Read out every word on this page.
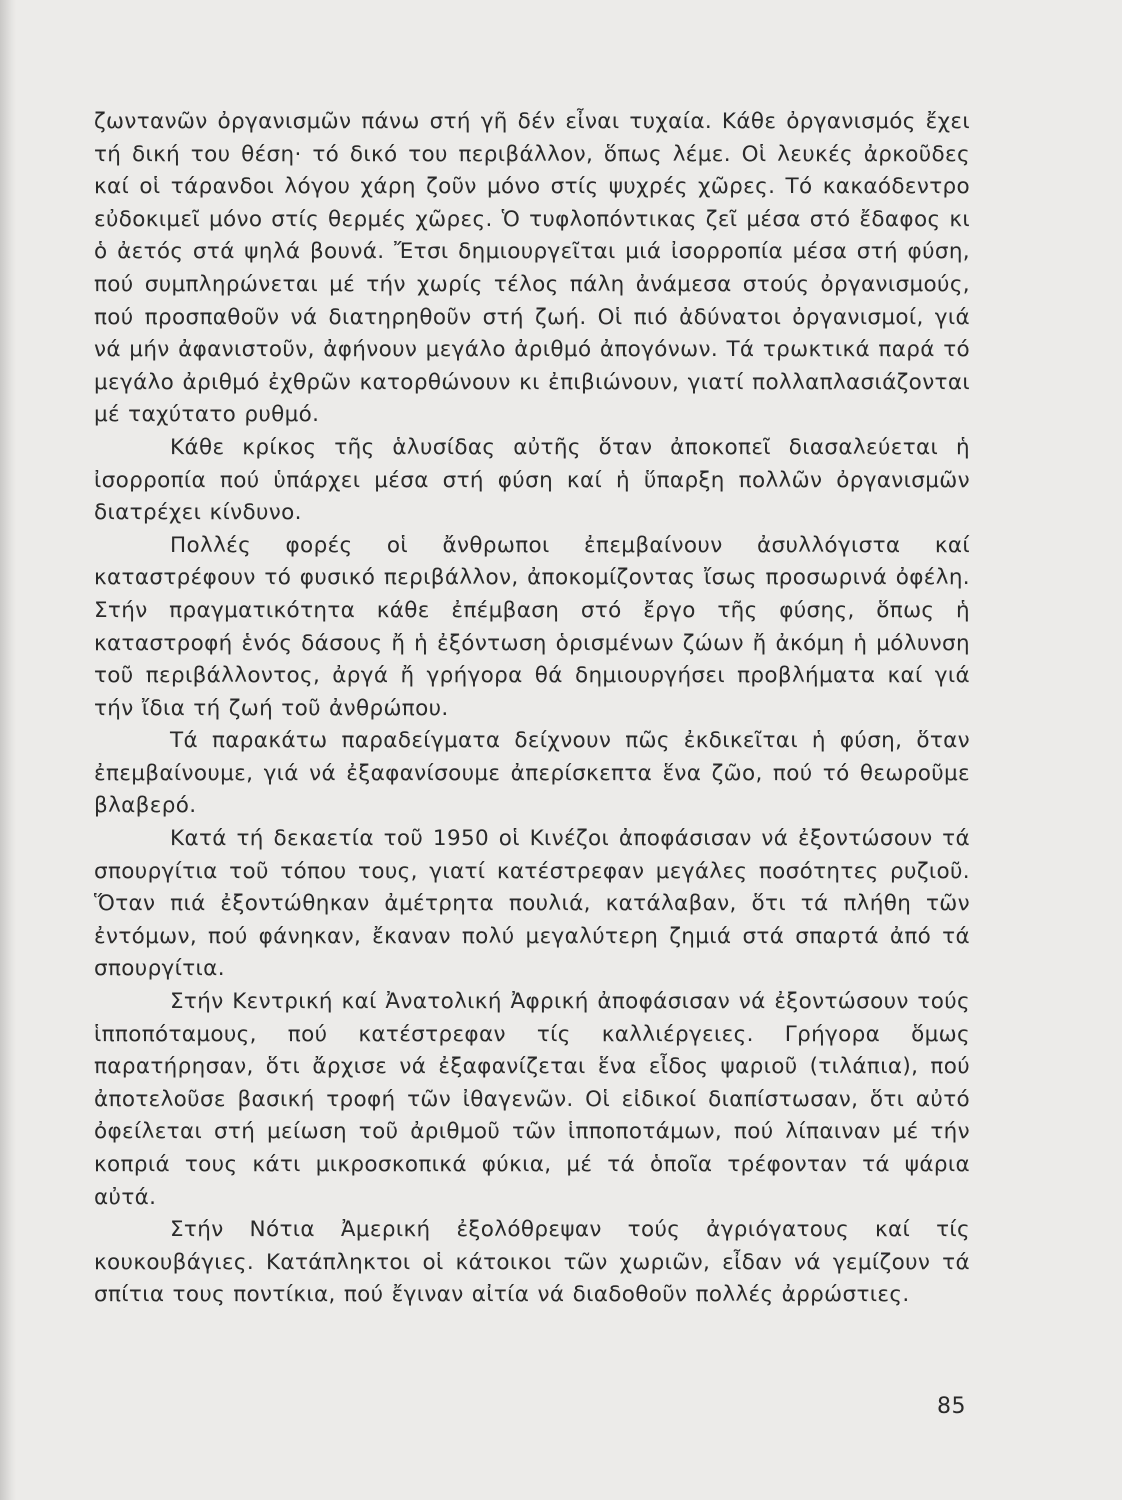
ζωντανῶν ὀργανισμῶν πάνω στή γῆ δέν εἶναι τυχαία. Κάθε ὀργανισμός ἔχει τή δική του θέση· τό δικό του περιβάλλον, ὅπως λέμε. Οἱ λευκές ἀρκοῦδες καί οἱ τάρανδοι λόγου χάρη ζοῦν μόνο στίς ψυχρές χῶρες. Τό κακαόδεντρο εὐδοκιμεῖ μόνο στίς θερμές χῶρες. Ὁ τυφλοπόντικας ζεῖ μέσα στό ἔδαφος κι ὁ ἀετός στά ψηλά βουνά. Ἔτσι δημιουργεῖται μιά ἰσορροπία μέσα στή φύση, πού συμπληρώνεται μέ τήν χωρίς τέλος πάλη ἀνάμεσα στούς ὀργανισμούς, πού προσπαθοῦν νά διατηρηθοῦν στή ζωή. Οἱ πιό ἀδύνατοι ὀργανισμοί, γιά νά μήν ἀφανιστοῦν, ἀφήνουν μεγάλο ἀριθμό ἀπογόνων. Τά τρωκτικά παρά τό μεγάλο ἀριθμό ἐχθρῶν κατορθώνουν κι ἐπιβιώνουν, γιατί πολλαπλασιάζονται μέ ταχύτατο ρυθμό.

Κάθε κρίκος τῆς ἁλυσίδας αὐτῆς ὅταν ἀποκοπεῖ διασαλεύεται ἡ ἰσορροπία πού ὑπάρχει μέσα στή φύση καί ἡ ὕπαρξη πολλῶν ὀργανισμῶν διατρέχει κίνδυνο.

Πολλές φορές οἱ ἄνθρωποι ἐπεμβαίνουν ἀσυλλόγιστα καί καταστρέφουν τό φυσικό περιβάλλον, ἀποκομίζοντας ἴσως προσωρινά ὀφέλη. Στήν πραγματικότητα κάθε ἐπέμβαση στό ἔργο τῆς φύσης, ὅπως ἡ καταστροφή ἑνός δάσους ἤ ἡ ἐξόντωση ὁρισμένων ζώων ἤ ἀκόμη ἡ μόλυνση τοῦ περιβάλλοντος, ἀργά ἤ γρήγορα θά δημιουργήσει προβλήματα καί γιά τήν ἴδια τή ζωή τοῦ ἀνθρώπου.

Τά παρακάτω παραδείγματα δείχνουν πῶς ἐκδικεῖται ἡ φύση, ὅταν ἐπεμβαίνουμε, γιά νά ἐξαφανίσουμε ἀπερίσκεπτα ἕνα ζῶο, πού τό θεωροῦμε βλαβερό.

Κατά τή δεκαετία τοῦ 1950 οἱ Κινέζοι ἀποφάσισαν νά ἐξοντώσουν τά σπουργίτια τοῦ τόπου τους, γιατί κατέστρεφαν μεγάλες ποσότητες ρυζιοῦ. Ὅταν πιά ἐξοντώθηκαν ἀμέτρητα πουλιά, κατάλαβαν, ὅτι τά πλήθη τῶν ἐντόμων, πού φάνηκαν, ἔκαναν πολύ μεγαλύτερη ζημιά στά σπαρτά ἀπό τά σπουργίτια.

Στήν Κεντρική καί Ἀνατολική Ἀφρική ἀποφάσισαν νά ἐξοντώσουν τούς ἱπποπόταμους, πού κατέστρεφαν τίς καλλιέργειες. Γρήγορα ὅμως παρατήρησαν, ὅτι ἄρχισε νά ἐξαφανίζεται ἕνα εἶδος ψαριοῦ (τιλάπια), πού ἀποτελοῦσε βασική τροφή τῶν ἰθαγενῶν. Οἱ εἰδικοί διαπίστωσαν, ὅτι αὐτό ὀφείλεται στή μείωση τοῦ ἀριθμοῦ τῶν ἱπποποτάμων, πού λίπαιναν μέ τήν κοπριά τους κάτι μικροσκοπικά φύκια, μέ τά ὁποῖα τρέφονταν τά ψάρια αὐτά.

Στήν Νότια Ἀμερική ἐξολόθρεψαν τούς ἀγριόγατους καί τίς κουκουβάγιες. Κατάπληκτοι οἱ κάτοικοι τῶν χωριῶν, εἶδαν νά γεμίζουν τά σπίτια τους ποντίκια, πού ἔγιναν αἰτία νά διαδοθοῦν πολλές ἀρρώστιες.

85
